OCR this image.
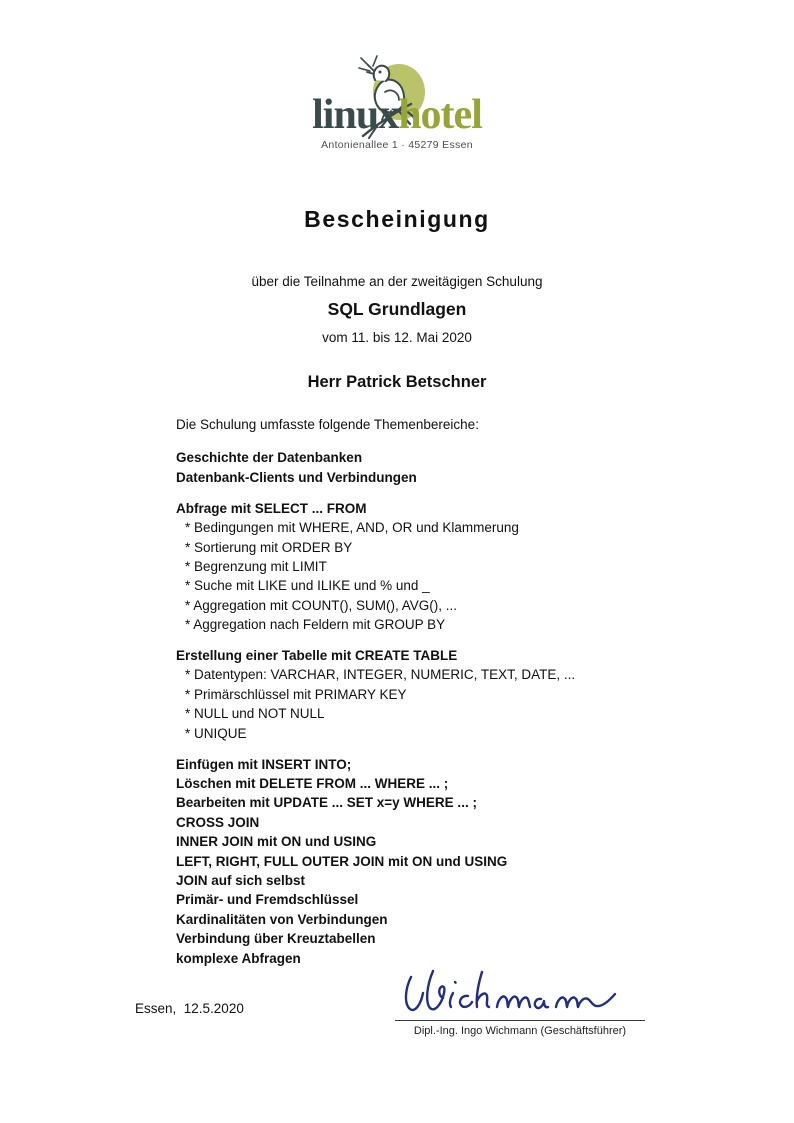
linuxhotel
Antonienallee 1 · 45279 Essen
Bescheinigung
über die Teilnahme an der zweitägigen Schulung
SQL Grundlagen
vom 11. bis 12. Mai 2020
Herr Patrick Betschner

Die Schulung umfasste folgende Themenbereiche:

Geschichte der Datenbanken
Datenbank-Clients und Verbindungen
Abfrage mit SELECT ... FROM
* Bedingungen mit WHERE, AND, OR und Klammerung
* Sortierung mit ORDER BY
* Begrenzung mit LIMIT
* Suche mit LIKE und ILIKE und % und _
* Aggregation mit COUNT(), SUM(), AVG(), ...
* Aggregation nach Feldern mit GROUP BY
Erstellung einer Tabelle mit CREATE TABLE
* Datentypen: VARCHAR, INTEGER, NUMERIC, TEXT, DATE, ...
* Primärschlüssel mit PRIMARY KEY
* NULL und NOT NULL
* UNIQUE
Einfügen mit INSERT INTO;
Löschen mit DELETE FROM ... WHERE ... ;
Bearbeiten mit UPDATE ... SET x=y WHERE ... ;
CROSS JOIN
INNER JOIN mit ON und USING
LEFT, RIGHT, FULL OUTER JOIN mit ON und USING
JOIN auf sich selbst
Primär- und Fremdschlüssel
Kardinalitäten von Verbindungen
Verbindung über Kreuztabellen
komplexe Abfragen
Essen,  12.5.2020
Dipl.-Ing. Ingo Wichmann (Geschäftsführer)
